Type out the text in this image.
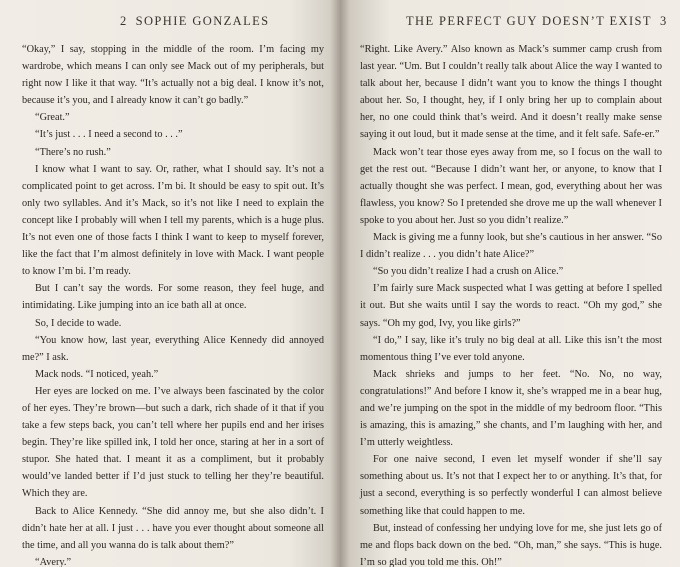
2 SOPHIE GONZALES

“Okay,” I say, stopping in the middle of the room. I’m facing my wardrobe, which means I can only see Mack out of my peripherals, but right now I like it that way. “It’s actually not a big deal. I know it’s not, because it’s you, and I already know it can’t go badly.”

“Great.”

“It’s just . . . I need a second to . . .”

“There’s no rush.”

I know what I want to say. Or, rather, what I should say. It’s not a complicated point to get across. I’m bi. It should be easy to spit out. It’s only two syllables. And it’s Mack, so it’s not like I need to explain the concept like I probably will when I tell my parents, which is a huge plus. It’s not even one of those facts I think I want to keep to myself forever, like the fact that I’m almost definitely in love with Mack. I want people to know I’m bi. I’m ready.

But I can’t say the words. For some reason, they feel huge, and intimidating. Like jumping into an ice bath all at once.

So, I decide to wade.

“You know how, last year, everything Alice Kennedy did annoyed me?” I ask.

Mack nods. “I noticed, yeah.”

Her eyes are locked on me. I’ve always been fascinated by the color of her eyes. They’re brown—but such a dark, rich shade of it that if you take a few steps back, you can’t tell where her pupils end and her irises begin. They’re like spilled ink, I told her once, staring at her in a sort of stupor. She hated that. I meant it as a compliment, but it probably would’ve landed better if I’d just stuck to telling her they’re beautiful. Which they are.

Back to Alice Kennedy. “She did annoy me, but she also didn’t. I didn’t hate her at all. I just . . . have you ever thought about someone all the time, and all you wanna do is talk about them?”

“Avery.”

THE PERFECT GUY DOESN’T EXIST 3

“Right. Like Avery.” Also known as Mack’s summer camp crush from last year. “Um. But I couldn’t really talk about Alice the way I wanted to talk about her, because I didn’t want you to know the things I thought about her. So, I thought, hey, if I only bring her up to complain about her, no one could think that’s weird. And it doesn’t really make sense saying it out loud, but it made sense at the time, and it felt safe. Safe-er.”

Mack won’t tear those eyes away from me, so I focus on the wall to get the rest out. “Because I didn’t want her, or anyone, to know that I actually thought she was perfect. I mean, god, everything about her was flawless, you know? So I pretended she drove me up the wall whenever I spoke to you about her. Just so you didn’t realize.”

Mack is giving me a funny look, but she’s cautious in her answer. “So I didn’t realize . . . you didn’t hate Alice?”

“So you didn’t realize I had a crush on Alice.”

I’m fairly sure Mack suspected what I was getting at before I spelled it out. But she waits until I say the words to react. “Oh my god,” she says. “Oh my god, Ivy, you like girls?”

“I do,” I say, like it’s truly no big deal at all. Like this isn’t the most momentous thing I’ve ever told anyone.

Mack shrieks and jumps to her feet. “No. No, no way, congratulations!” And before I know it, she’s wrapped me in a bear hug, and we’re jumping on the spot in the middle of my bedroom floor. “This is amazing, this is amazing,” she chants, and I’m laughing with her, and I’m utterly weightless.

For one naive second, I even let myself wonder if she’ll say something about us. It’s not that I expect her to or anything. It’s that, for just a second, everything is so perfectly wonderful I can almost believe something like that could happen to me.

But, instead of confessing her undying love for me, she just lets go of me and flops back down on the bed. “Oh, man,” she says. “This is huge. I’m so glad you told me this. Oh!”
